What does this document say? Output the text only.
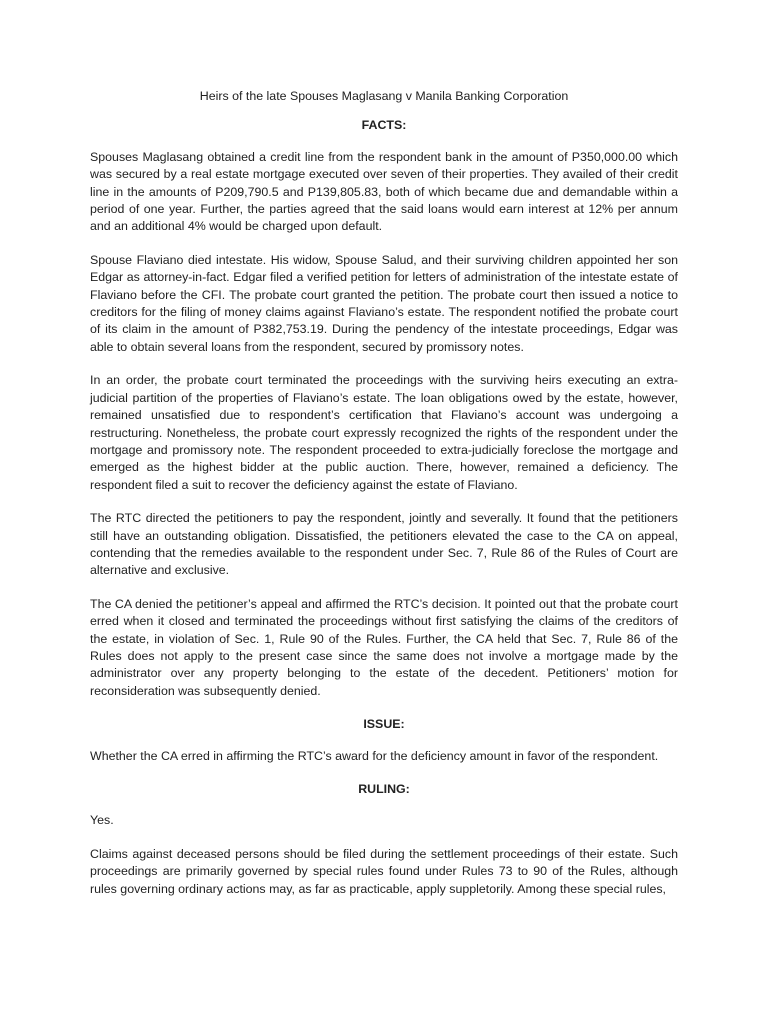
Heirs of the late Spouses Maglasang v Manila Banking Corporation
FACTS:

Spouses Maglasang obtained a credit line from the respondent bank in the amount of P350,000.00 which was secured by a real estate mortgage executed over seven of their properties. They availed of their credit line in the amounts of P209,790.5 and P139,805.83, both of which became due and demandable within a period of one year. Further, the parties agreed that the said loans would earn interest at 12% per annum and an additional 4% would be charged upon default.

Spouse Flaviano died intestate. His widow, Spouse Salud, and their surviving children appointed her son Edgar as attorney-in-fact. Edgar filed a verified petition for letters of administration of the intestate estate of Flaviano before the CFI. The probate court granted the petition. The probate court then issued a notice to creditors for the filing of money claims against Flaviano’s estate. The respondent notified the probate court of its claim in the amount of P382,753.19. During the pendency of the intestate proceedings, Edgar was able to obtain several loans from the respondent, secured by promissory notes.

In an order, the probate court terminated the proceedings with the surviving heirs executing an extra-judicial partition of the properties of Flaviano’s estate. The loan obligations owed by the estate, however, remained unsatisfied due to respondent’s certification that Flaviano’s account was undergoing a restructuring. Nonetheless, the probate court expressly recognized the rights of the respondent under the mortgage and promissory note. The respondent proceeded to extra-judicially foreclose the mortgage and emerged as the highest bidder at the public auction. There, however, remained a deficiency. The respondent filed a suit to recover the deficiency against the estate of Flaviano.

The RTC directed the petitioners to pay the respondent, jointly and severally. It found that the petitioners still have an outstanding obligation. Dissatisfied, the petitioners elevated the case to the CA on appeal, contending that the remedies available to the respondent under Sec. 7, Rule 86 of the Rules of Court are alternative and exclusive.

The CA denied the petitioner’s appeal and affirmed the RTC’s decision. It pointed out that the probate court erred when it closed and terminated the proceedings without first satisfying the claims of the creditors of the estate, in violation of Sec. 1, Rule 90 of the Rules. Further, the CA held that Sec. 7, Rule 86 of the Rules does not apply to the present case since the same does not involve a mortgage made by the administrator over any property belonging to the estate of the decedent. Petitioners’ motion for reconsideration was subsequently denied.

ISSUE:

Whether the CA erred in affirming the RTC’s award for the deficiency amount in favor of the respondent.

RULING:

Yes.

Claims against deceased persons should be filed during the settlement proceedings of their estate. Such proceedings are primarily governed by special rules found under Rules 73 to 90 of the Rules, although rules governing ordinary actions may, as far as practicable, apply suppletorily. Among these special rules,
